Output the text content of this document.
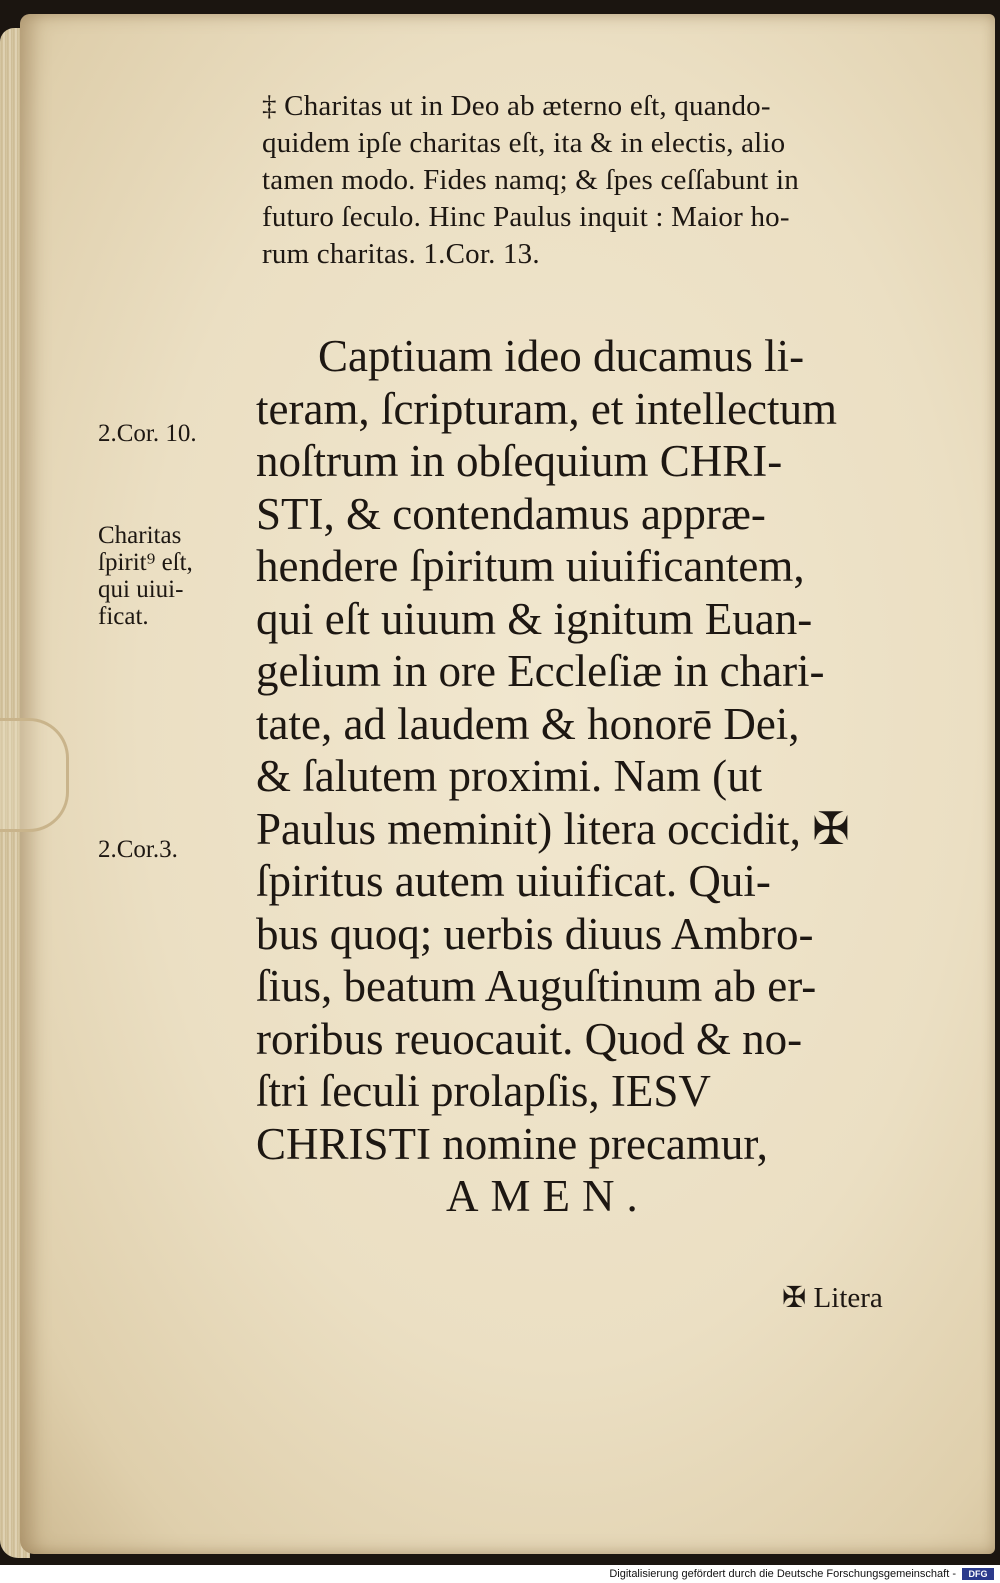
‡ Charitas ut in Deo ab æterno eſt, quando-
quidem ipſe charitas eſt, ita & in electis, alio
tamen modo. Fides namq; & ſpes ceſſabunt in
futuro ſeculo. Hinc Paulus inquit : Maior ho-
rum charitas. 1.Cor. 13.
2.Cor. 10.
Charitas
ſpirit⁹ eſt,
qui uiui-
ficat.
2.Cor.3.
Captiuam ideo ducamus li-
teram, ſcripturam, et intellectum
noſtrum in obſequium CHRI-
STI, & contendamus appræ-
hendere ſpiritum uiuificantem,
qui eſt uiuum & ignitum Euan-
gelium in ore Eccleſiæ in chari-
tate, ad laudem & honorē Dei,
& ſalutem proximi. Nam (ut
Paulus meminit) litera occidit, ✠
ſpiritus autem uiuificat. Qui-
bus quoq; uerbis diuus Ambro-
ſius, beatum Auguſtinum ab er-
roribus reuocauit. Quod & no-
ſtri ſeculi prolapſis, IESV
CHRISTI nomine precamur,
AMEN.
✠ Litera
Digitalisierung gefördert durch die Deutsche Forschungsgemeinschaft -	DFG
